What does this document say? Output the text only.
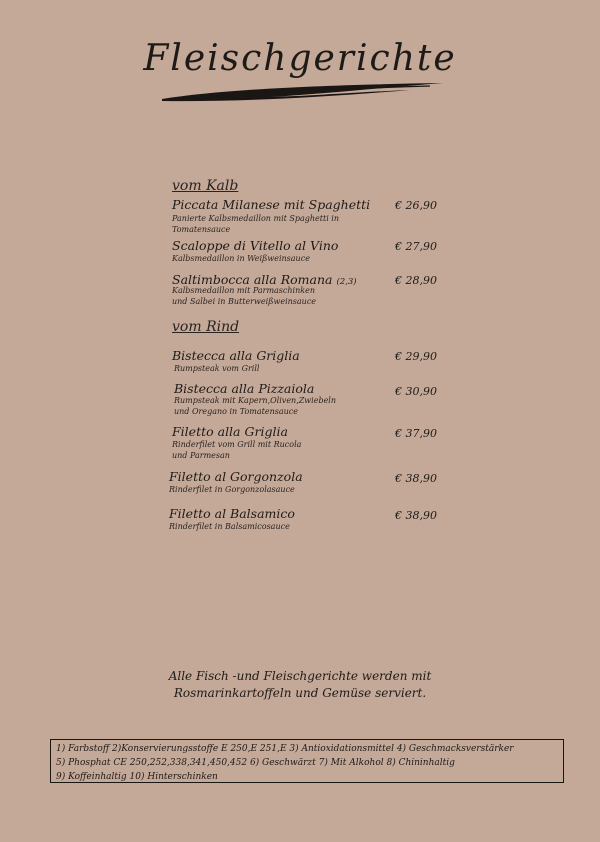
Fleischgerichte
vom Kalb
Piccata Milanese mit Spaghetti € 26,90
Panierte Kalbsmedaillon mit Spaghetti in
Tomatensauce
Scaloppe di Vitello al Vino	€ 27,90
Kalbsmedaillon in Weißweinsauce
Saltimbocca alla Romana (2,3)	€ 28,90
Kalbsmedaillon mit Parmaschinken
und Salbei in Butterweißweinsauce
vom Rind
Bistecca alla Griglia	€ 29,90
Rumpsteak vom Grill
Bistecca alla Pizzaiola	€ 30,90
Rumpsteak mit Kapern,Oliven,Zwiebeln
und Oregano in Tomatensauce
Filetto alla Griglia	€ 37,90
Rinderfilet vom Grill mit Rucola
und Parmesan
Filetto al Gorgonzola	€ 38,90
Rinderfilet in Gorgonzolasauce
Filetto al Balsamico	€ 38,90
Rinderfilet in Balsamicosauce
Alle Fisch -und Fleischgerichte werden mit
Rosmarinkartoffeln und Gemüse serviert.
1) Farbstoff 2)Konservierungsstoffe E 250,E 251,E 3) Antioxidationsmittel 4) Geschmacksverstärker
5) Phosphat CE 250,252,338,341,450,452 6) Geschwärzt 7) Mit Alkohol 8) Chininhaltig
9) Koffeinhaltig 10) Hinterschinken
